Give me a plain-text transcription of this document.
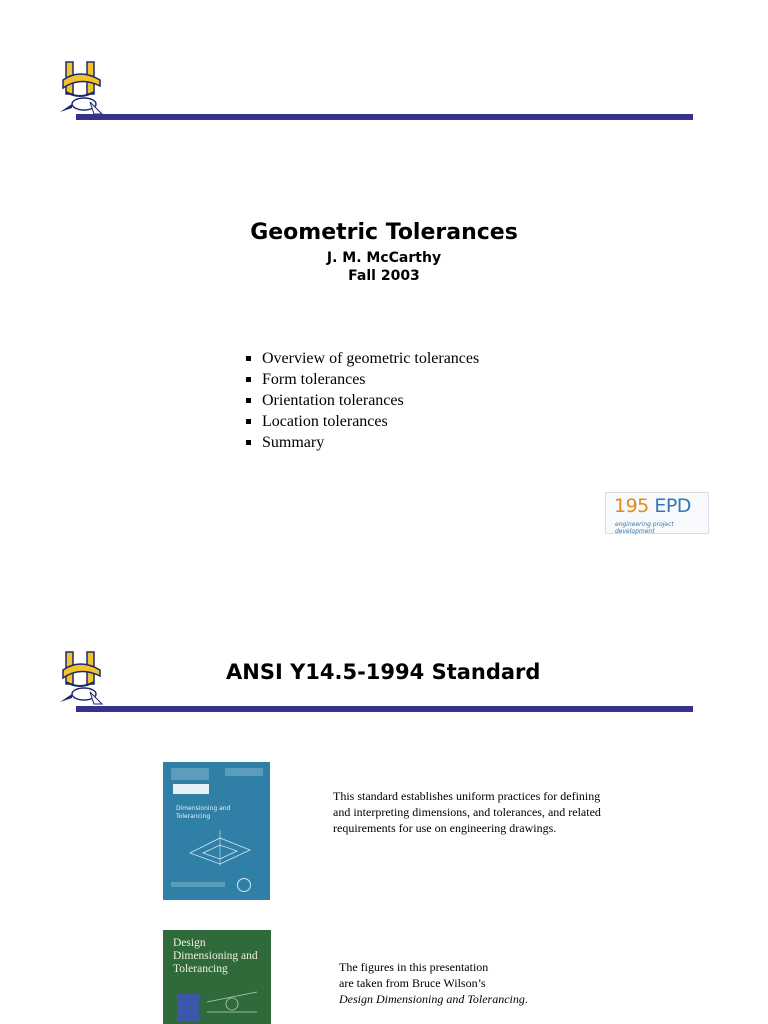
Geometric Tolerances
J. M. McCarthy
Fall 2003
Overview of geometric tolerances
Form tolerances
Orientation tolerances
Location tolerances
Summary
195 EPD
engineering project development
ANSI Y14.5-1994 Standard
Dimensioning and Tolerancing

This standard establishes uniform practices for defining and interpreting dimensions, and tolerances, and related requirements for use on engineering drawings.

Design Dimensioning and Tolerancing	The figures in this presentation

are taken from Bruce Wilson’s

Design Dimensioning and Tolerancing.
